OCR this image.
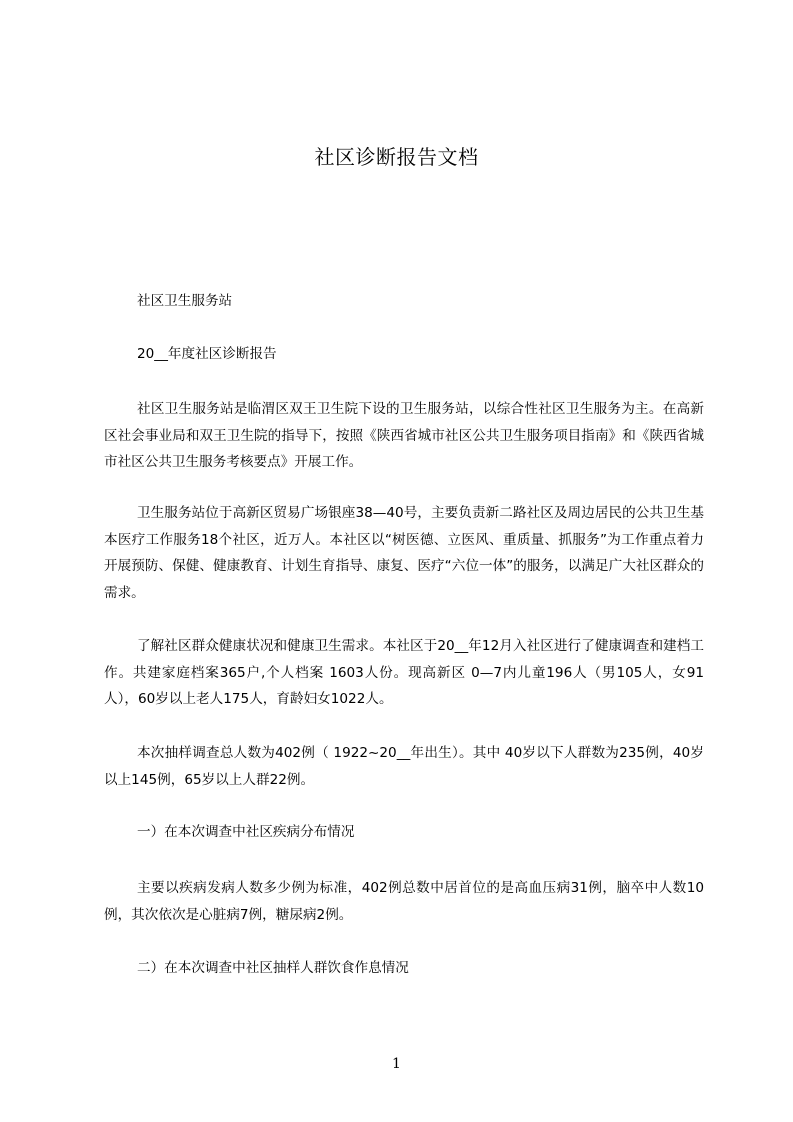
社区诊断报告文档
社区卫生服务站
20__年度社区诊断报告
社区卫生服务站是临渭区双王卫生院下设的卫生服务站，以综合性社区卫生服务为主。在高新区社会事业局和双王卫生院的指导下，按照《陕西省城市社区公共卫生服务项目指南》和《陕西省城市社区公共卫生服务考核要点》开展工作。
卫生服务站位于高新区贸易广场银座38—40号，主要负责新二路社区及周边居民的公共卫生基本医疗工作服务18个社区，近万人。本社区以“树医德、立医风、重质量、抓服务”为工作重点着力开展预防、保健、健康教育、计划生育指导、康复、医疗“六位一体”的服务，以满足广大社区群众的需求。
了解社区群众健康状况和健康卫生需求。本社区于20__年12月入社区进行了健康调查和建档工作。共建家庭档案365户,个人档案 1603人份。现高新区 0—7内儿童196人（男105人，女91人），60岁以上老人175人，育龄妇女1022人。
本次抽样调查总人数为402例（ 1922~20__年出生）。其中 40岁以下人群数为235例，40岁以上145例，65岁以上人群22例。
一）在本次调查中社区疾病分布情况
主要以疾病发病人数多少例为标准，402例总数中居首位的是高血压病31例，脑卒中人数10例，其次依次是心脏病7例，糖尿病2例。
二）在本次调查中社区抽样人群饮食作息情况
1
